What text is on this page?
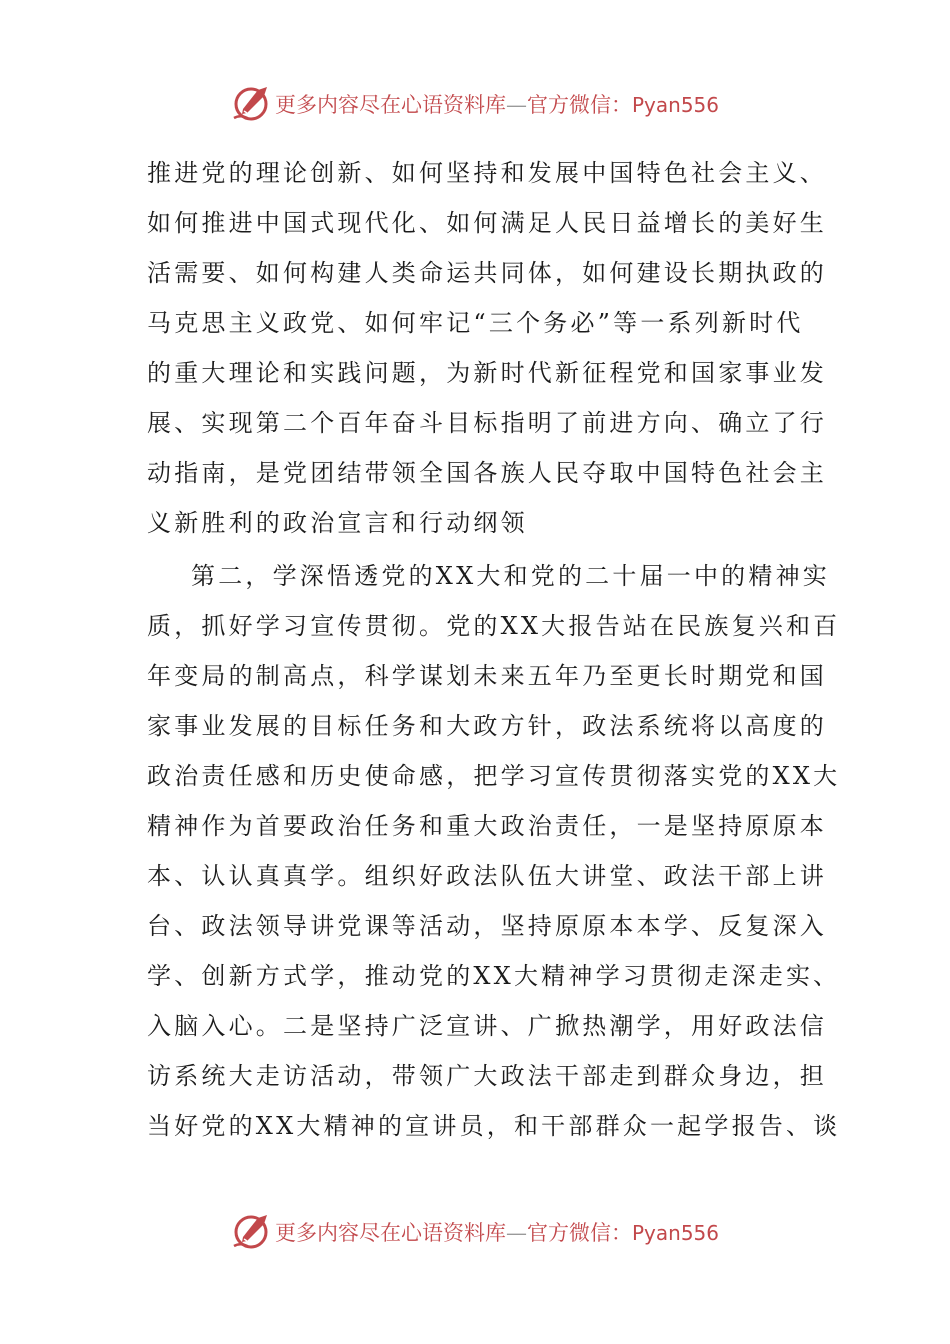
更多内容尽在心语资料库—官方微信：Pyan556
推进党的理论创新、如何坚持和发展中国特色社会主义、
如何推进中国式现代化、如何满足人民日益增长的美好生
活需要、如何构建人类命运共同体，如何建设长期执政的
马克思主义政党、如何牢记“三个务必”等一系列新时代
的重大理论和实践问题，为新时代新征程党和国家事业发
展、实现第二个百年奋斗目标指明了前进方向、确立了行
动指南，是党团结带领全国各族人民夺取中国特色社会主
义新胜利的政治宣言和行动纲领
第二，学深悟透党的XX大和党的二十届一中的精神实
质，抓好学习宣传贯彻。党的XX大报告站在民族复兴和百
年变局的制高点，科学谋划未来五年乃至更长时期党和国
家事业发展的目标任务和大政方针，政法系统将以高度的
政治责任感和历史使命感，把学习宣传贯彻落实党的XX大
精神作为首要政治任务和重大政治责任，一是坚持原原本
本、认认真真学。组织好政法队伍大讲堂、政法干部上讲
台、政法领导讲党课等活动，坚持原原本本学、反复深入
学、创新方式学，推动党的XX大精神学习贯彻走深走实、
入脑入心。二是坚持广泛宣讲、广掀热潮学，用好政法信
访系统大走访活动，带领广大政法干部走到群众身边，担
当好党的XX大精神的宣讲员，和干部群众一起学报告、谈
更多内容尽在心语资料库—官方微信：Pyan556
